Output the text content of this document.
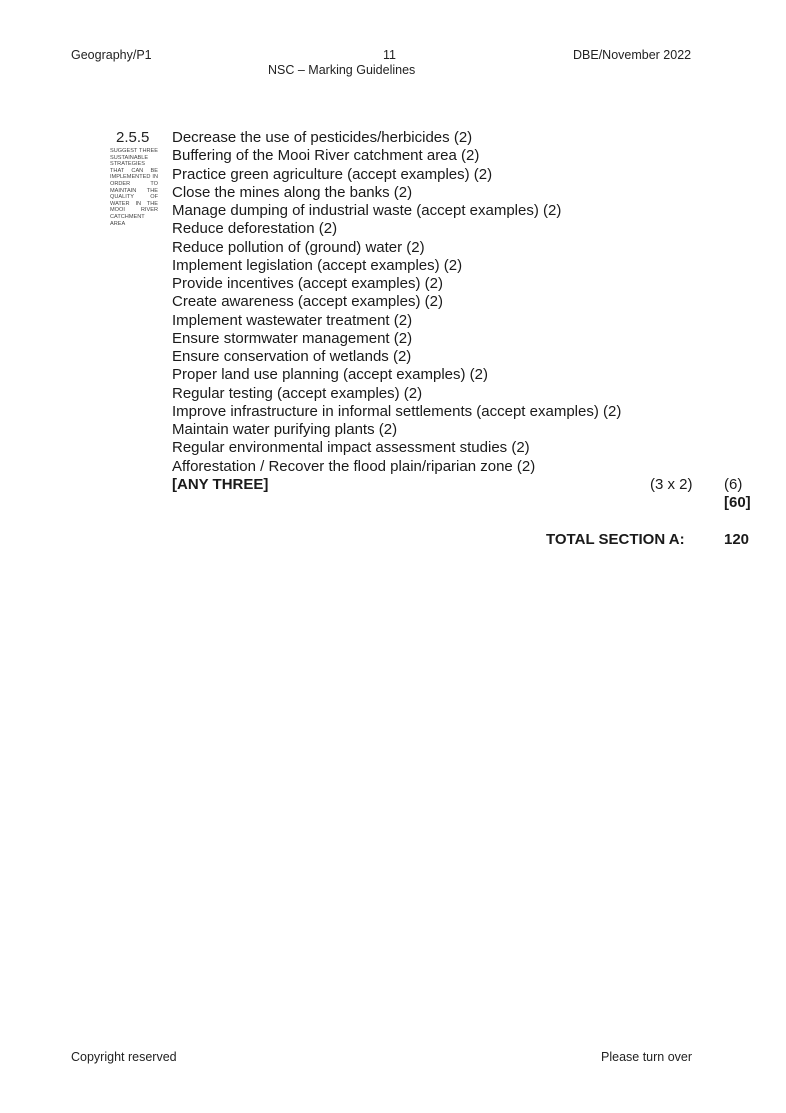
Geography/P1	11
NSC – Marking Guidelines
DBE/November 2022
2.5.5
SUGGEST THREE SUSTAINABLE STRATEGIES THAT CAN BE IMPLEMENTED IN ORDER TO MAINTAIN THE QUALITY OF WATER IN THE MOOI RIVER CATCHMENT AREA
Decrease the use of pesticides/herbicides (2)
Buffering of the Mooi River catchment area (2)
Practice green agriculture (accept examples) (2)
Close the mines along the banks (2)
Manage dumping of industrial waste (accept examples) (2)
Reduce deforestation (2)
Reduce pollution of (ground) water (2)
Implement legislation (accept examples) (2)
Provide incentives (accept examples) (2)
Create awareness (accept examples) (2)
Implement wastewater treatment (2)
Ensure stormwater management (2)
Ensure conservation of wetlands (2)
Proper land use planning (accept examples) (2)
Regular testing (accept examples) (2)
Improve infrastructure in informal settlements (accept examples) (2)
Maintain water purifying plants (2)
Regular environmental impact assessment studies (2)
Afforestation / Recover the flood plain/riparian zone (2)
[ANY THREE]	(3 x 2) (6)
[60]
TOTAL SECTION A:	120
Copyright reserved	Please turn over
